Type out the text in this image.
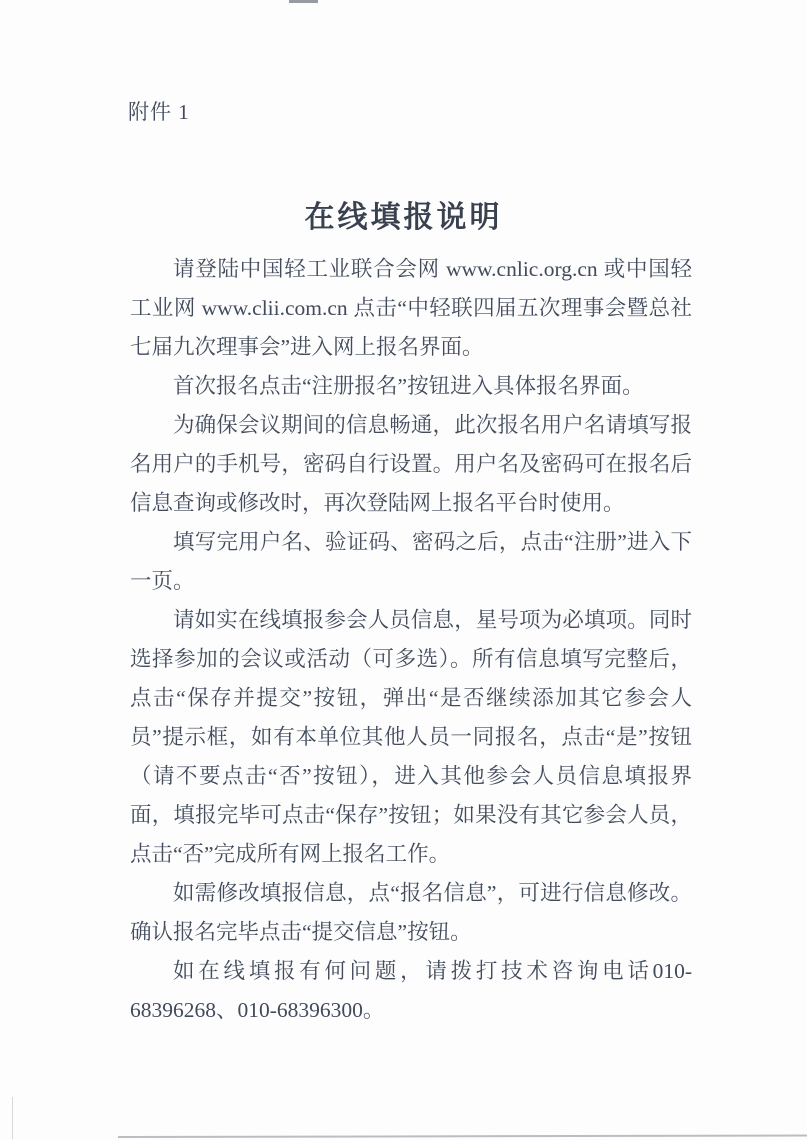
附件 1
在线填报说明

请登陆中国轻工业联合会网 www.cnlic.org.cn 或中国轻工业网 www.clii.com.cn 点击“中轻联四届五次理事会暨总社七届九次理事会”进入网上报名界面。

首次报名点击“注册报名”按钮进入具体报名界面。

为确保会议期间的信息畅通，此次报名用户名请填写报名用户的手机号，密码自行设置。用户名及密码可在报名后信息查询或修改时，再次登陆网上报名平台时使用。

填写完用户名、验证码、密码之后，点击“注册”进入下一页。

请如实在线填报参会人员信息，星号项为必填项。同时选择参加的会议或活动（可多选）。所有信息填写完整后，点击“保存并提交”按钮，弹出“是否继续添加其它参会人员”提示框，如有本单位其他人员一同报名，点击“是”按钮（请不要点击“否”按钮），进入其他参会人员信息填报界面，填报完毕可点击“保存”按钮；如果没有其它参会人员，点击“否”完成所有网上报名工作。

如需修改填报信息，点“报名信息”，可进行信息修改。确认报名完毕点击“提交信息”按钮。

如在线填报有何问题，请拨打技术咨询电话010-68396268、010-68396300。
